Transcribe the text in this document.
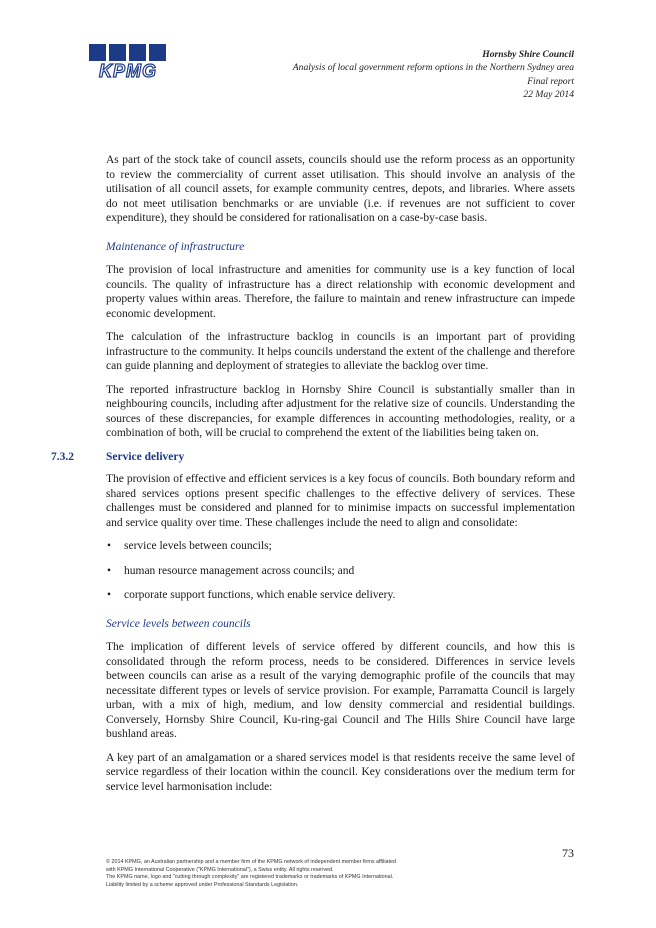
KPMG
Hornsby Shire Council
Analysis of local government reform options in the Northern Sydney area
Final report
22 May 2014

As part of the stock take of council assets, councils should use the reform process as an opportunity to review the commerciality of current asset utilisation. This should involve an analysis of the utilisation of all council assets, for example community centres, depots, and libraries. Where assets do not meet utilisation benchmarks or are unviable (i.e. if revenues are not sufficient to cover expenditure), they should be considered for rationalisation on a case-by-case basis.

Maintenance of infrastructure

The provision of local infrastructure and amenities for community use is a key function of local councils. The quality of infrastructure has a direct relationship with economic development and property values within areas. Therefore, the failure to maintain and renew infrastructure can impede economic development.

The calculation of the infrastructure backlog in councils is an important part of providing infrastructure to the community. It helps councils understand the extent of the challenge and therefore can guide planning and deployment of strategies to alleviate the backlog over time.

The reported infrastructure backlog in Hornsby Shire Council is substantially smaller than in neighbouring councils, including after adjustment for the relative size of councils. Understanding the sources of these discrepancies, for example differences in accounting methodologies, reality, or a combination of both, will be crucial to comprehend the extent of the liabilities being taken on.

7.3.2	Service delivery

The provision of effective and efficient services is a key focus of councils. Both boundary reform and shared services options present specific challenges to the effective delivery of services. These challenges must be considered and planned for to minimise impacts on successful implementation and service quality over time. These challenges include the need to align and consolidate:

• service levels between councils;
• human resource management across councils; and
• corporate support functions, which enable service delivery.
Service levels between councils

The implication of different levels of service offered by different councils, and how this is consolidated through the reform process, needs to be considered. Differences in service levels between councils can arise as a result of the varying demographic profile of the councils that may necessitate different types or levels of service provision. For example, Parramatta Council is largely urban, with a mix of high, medium, and low density commercial and residential buildings. Conversely, Hornsby Shire Council, Ku-ring-gai Council and The Hills Shire Council have large bushland areas.

A key part of an amalgamation or a shared services model is that residents receive the same level of service regardless of their location within the council. Key considerations over the medium term for service level harmonisation include:

73
© 2014 KPMG, an Australian partnership and a member firm of the KPMG network of independent member firms affiliated
with KPMG International Cooperative ("KPMG International"), a Swiss entity. All rights reserved.
The KPMG name, logo and "cutting through complexity" are registered trademarks or trademarks of KPMG International.
Liability limited by a scheme approved under Professional Standards Legislation.
